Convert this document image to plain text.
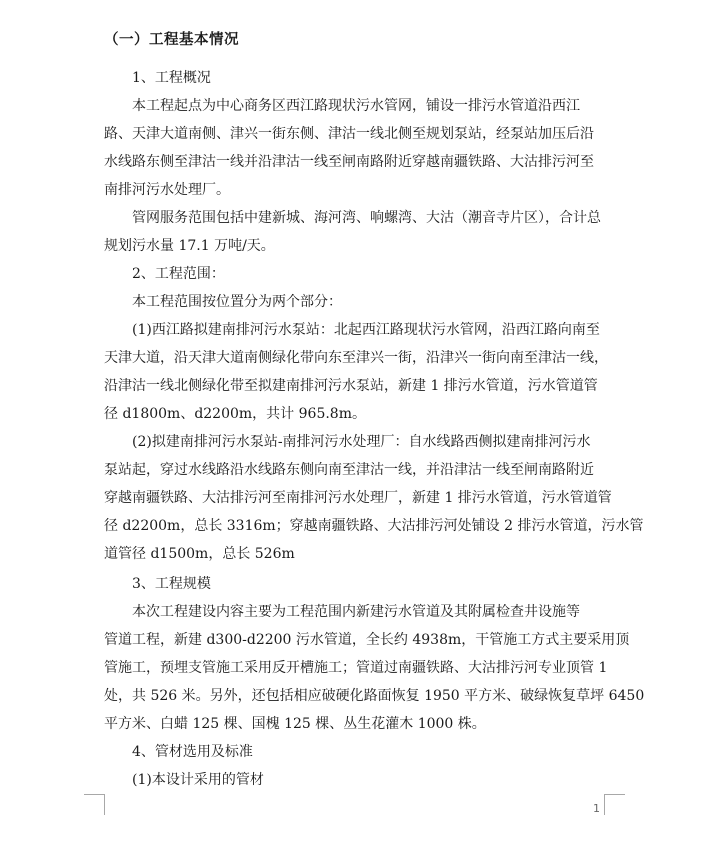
（一）工程基本情况
1、工程概况
本工程起点为中心商务区西江路现状污水管网，铺设一排污水管道沿西江
路、天津大道南侧、津兴一街东侧、津沽一线北侧至规划泵站，经泵站加压后沿
水线路东侧至津沽一线并沿津沽一线至闸南路附近穿越南疆铁路、大沽排污河至
南排河污水处理厂。
管网服务范围包括中建新城、海河湾、响螺湾、大沽（潮音寺片区），合计总
规划污水量 17.1 万吨/天。
2、工程范围：
本工程范围按位置分为两个部分：
(1)西江路拟建南排河污水泵站：北起西江路现状污水管网，沿西江路向南至
天津大道，沿天津大道南侧绿化带向东至津兴一街，沿津兴一街向南至津沽一线，
沿津沽一线北侧绿化带至拟建南排河污水泵站，新建 1 排污水管道，污水管道管
径 d1800m、d2200m，共计 965.8m。
(2)拟建南排河污水泵站-南排河污水处理厂：自水线路西侧拟建南排河污水
泵站起，穿过水线路沿水线路东侧向南至津沽一线，并沿津沽一线至闸南路附近
穿越南疆铁路、大沽排污河至南排河污水处理厂，新建 1 排污水管道，污水管道管
径 d2200m，总长 3316m；穿越南疆铁路、大沽排污河处铺设 2 排污水管道，污水管
道管径 d1500m，总长 526m
3、工程规模
本次工程建设内容主要为工程范围内新建污水管道及其附属检查井设施等
管道工程，新建 d300-d2200 污水管道，全长约 4938m，干管施工方式主要采用顶
管施工，预埋支管施工采用反开槽施工；管道过南疆铁路、大沽排污河专业顶管 1
处，共 526 米。另外，还包括相应破硬化路面恢复 1950 平方米、破绿恢复草坪 6450
平方米、白蜡 125 棵、国槐 125 棵、丛生花灌木 1000 株。
4、管材选用及标准
(1)本设计采用的管材
1
